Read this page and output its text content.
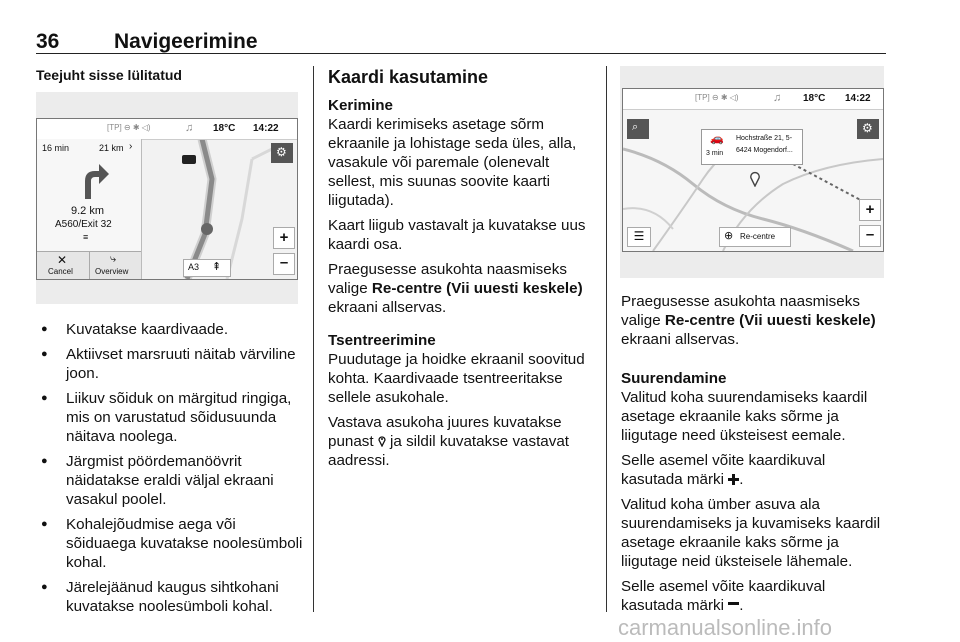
36	Navigeerimine
Teejuht sisse lülitatud
[TP] ⊖ ✱ ◁)	♫ 18°C 14:22
16 min	21 km ›
9.2 km
A560/Exit 32
≡
✕
Cancel
⤷
Overview
⚙
+
–
A3 ⇞
● Kuvatakse kaardivaade.
● Aktiivset marsruuti näitab värviline joon.
● Liikuv sõiduk on märgitud ringiga, mis on varustatud sõidusuunda näitava noolega.
● Järgmist pöördemanöövrit näidatakse eraldi väljal ekraani vasakul poolel.
● Kohalejõudmise aega või sõiduaega kuvatakse noolesümboli kohal.
● Järelejäänud kaugus sihtkohani kuvatakse noolesümboli kohal.
Kaardi kasutamine
Kerimine

Kaardi kerimiseks asetage sõrm ekraanile ja lohistage seda üles, alla, vasakule või paremale (olenevalt sellest, mis suunas soovite kaarti liigutada).

Kaart liigub vastavalt ja kuvatakse uus kaardi osa.

Praegusesse asukohta naasmiseks valige Re-centre (Vii uuesti keskele) ekraani allservas.

Tsentreerimine

Puudutage ja hoidke ekraanil soovitud kohta. Kaardivaade tsentreeritakse sellele asukohale.

Vastava asukoha juures kuvatakse punast  ja sildil kuvatakse vastavat aadressi.

[TP] ⊖ ✱ ◁)	♫ 18°C 14:22
⌕	⚙
🚗
3 min
Hochstraße 21, 5-
6424 Mogendorf...
+
–
☰	⊕ Re-centre

Praegusesse asukohta naasmiseks valige Re-centre (Vii uuesti keskele) ekraani allservas.

Suurendamine

Valitud koha suurendamiseks kaardil asetage ekraanile kaks sõrme ja liigutage need üksteisest eemale.

Selle asemel võite kaardikuval kasutada märki .

Valitud koha ümber asuva ala suurendamiseks ja kuvamiseks kaardil asetage ekraanile kaks sõrme ja liigutage neid üksteisele lähemale.

Selle asemel võite kaardikuval kasutada märki .

carmanualsonline.info
